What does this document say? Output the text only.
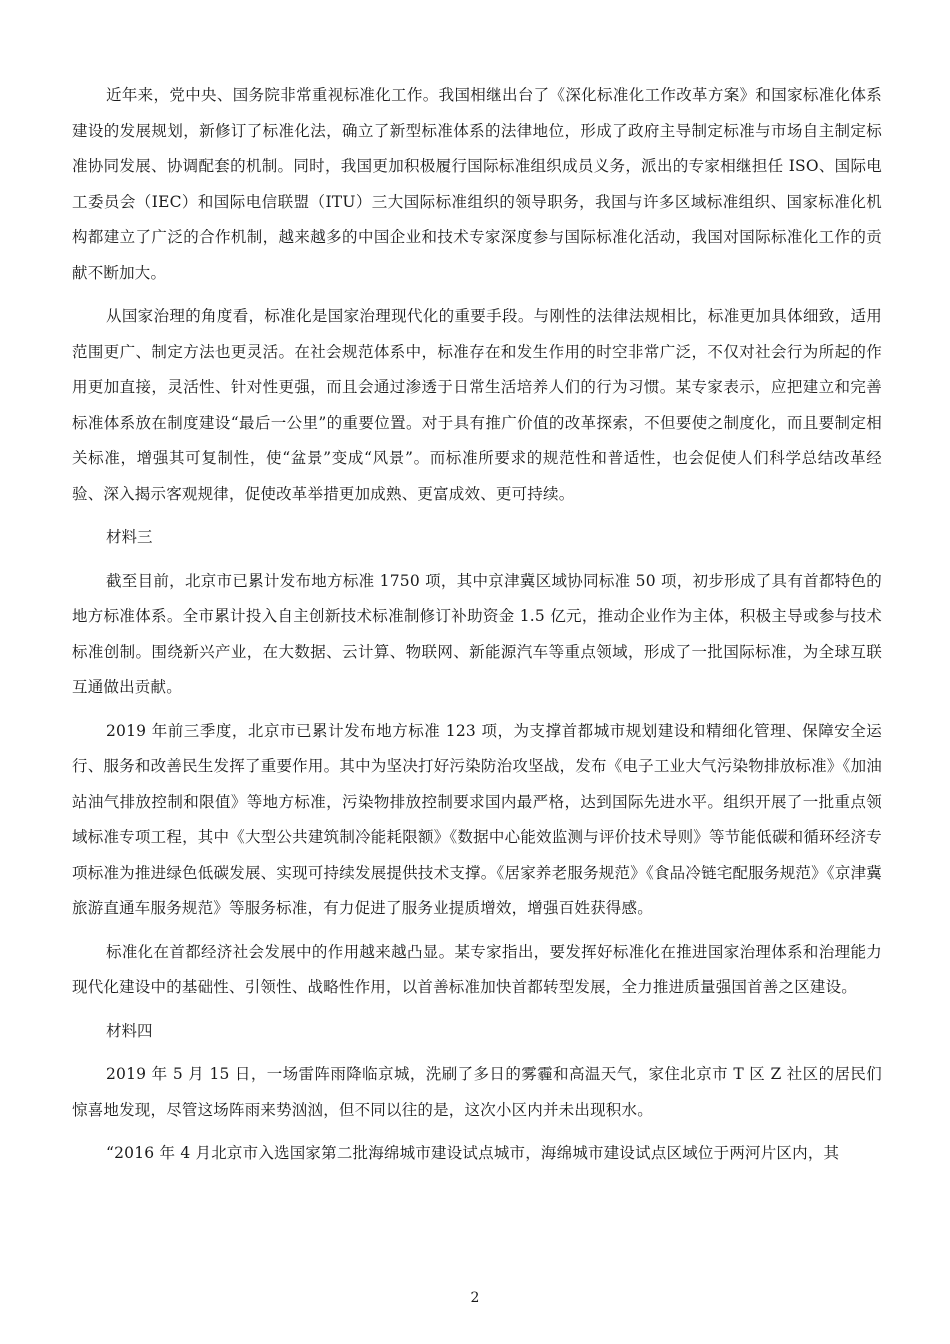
近年来，党中央、国务院非常重视标准化工作。我国相继出台了《深化标准化工作改革方案》和国家标准化体系建设的发展规划，新修订了标准化法，确立了新型标准体系的法律地位，形成了政府主导制定标准与市场自主制定标准协同发展、协调配套的机制。同时，我国更加积极履行国际标准组织成员义务，派出的专家相继担任 ISO、国际电工委员会（IEC）和国际电信联盟（ITU）三大国际标准组织的领导职务，我国与许多区域标准组织、国家标准化机构都建立了广泛的合作机制，越来越多的中国企业和技术专家深度参与国际标准化活动，我国对国际标准化工作的贡献不断加大。

从国家治理的角度看，标准化是国家治理现代化的重要手段。与刚性的法律法规相比，标准更加具体细致，适用范围更广、制定方法也更灵活。在社会规范体系中，标准存在和发生作用的时空非常广泛，不仅对社会行为所起的作用更加直接，灵活性、针对性更强，而且会通过渗透于日常生活培养人们的行为习惯。某专家表示，应把建立和完善标准体系放在制度建设“最后一公里”的重要位置。对于具有推广价值的改革探索，不但要使之制度化，而且要制定相关标准，增强其可复制性，使“盆景”变成“风景”。而标准所要求的规范性和普适性，也会促使人们科学总结改革经验、深入揭示客观规律，促使改革举措更加成熟、更富成效、更可持续。

材料三

截至目前，北京市已累计发布地方标准 1750 项，其中京津冀区域协同标准 50 项，初步形成了具有首都特色的地方标准体系。全市累计投入自主创新技术标准制修订补助资金 1.5 亿元，推动企业作为主体，积极主导或参与技术标准创制。围绕新兴产业，在大数据、云计算、物联网、新能源汽车等重点领域，形成了一批国际标准，为全球互联互通做出贡献。

2019 年前三季度，北京市已累计发布地方标准 123 项，为支撑首都城市规划建设和精细化管理、保障安全运行、服务和改善民生发挥了重要作用。其中为坚决打好污染防治攻坚战，发布《电子工业大气污染物排放标准》《加油站油气排放控制和限值》等地方标准，污染物排放控制要求国内最严格，达到国际先进水平。组织开展了一批重点领域标准专项工程，其中《大型公共建筑制冷能耗限额》《数据中心能效监测与评价技术导则》等节能低碳和循环经济专项标准为推进绿色低碳发展、实现可持续发展提供技术支撑。《居家养老服务规范》《食品冷链宅配服务规范》《京津冀旅游直通车服务规范》等服务标准，有力促进了服务业提质增效，增强百姓获得感。

标准化在首都经济社会发展中的作用越来越凸显。某专家指出，要发挥好标准化在推进国家治理体系和治理能力现代化建设中的基础性、引领性、战略性作用，以首善标准加快首都转型发展，全力推进质量强国首善之区建设。

材料四

2019 年 5 月 15 日，一场雷阵雨降临京城，洗刷了多日的雾霾和高温天气，家住北京市 T 区 Z 社区的居民们惊喜地发现，尽管这场阵雨来势汹汹，但不同以往的是，这次小区内并未出现积水。

“2016 年 4 月北京市入选国家第二批海绵城市建设试点城市，海绵城市建设试点区域位于两河片区内，其

2
